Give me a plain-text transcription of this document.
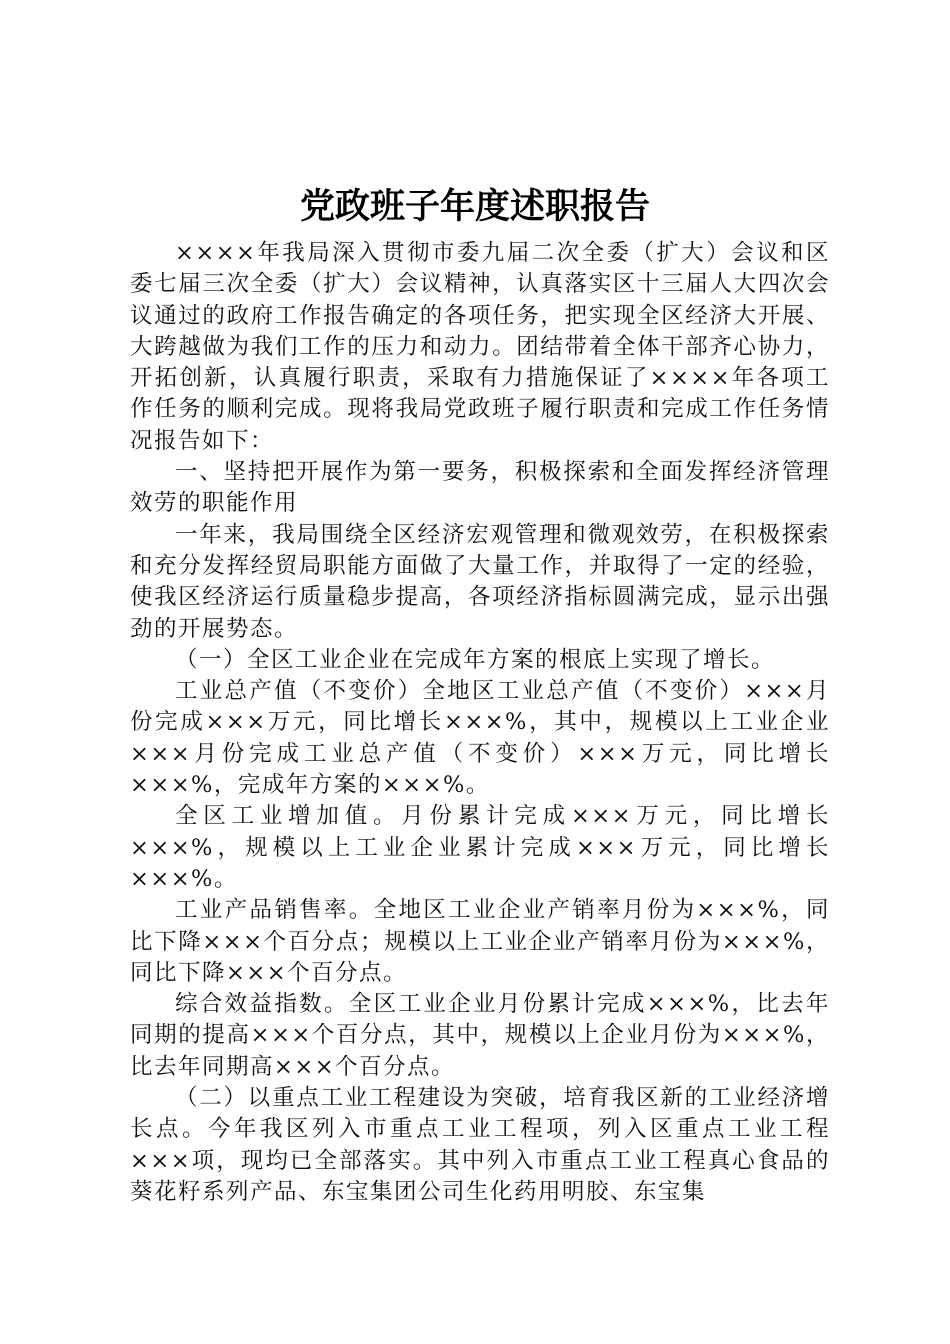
党政班子年度述职报告

××××年我局深入贯彻市委九届二次全委（扩大）会议和区委七届三次全委（扩大）会议精神，认真落实区十三届人大四次会议通过的政府工作报告确定的各项任务，把实现全区经济大开展、大跨越做为我们工作的压力和动力。团结带着全体干部齐心协力，开拓创新，认真履行职责，采取有力措施保证了××××年各项工作任务的顺利完成。现将我局党政班子履行职责和完成工作任务情况报告如下：

一、坚持把开展作为第一要务，积极探索和全面发挥经济管理效劳的职能作用

一年来，我局围绕全区经济宏观管理和微观效劳，在积极探索和充分发挥经贸局职能方面做了大量工作，并取得了一定的经验，使我区经济运行质量稳步提高，各项经济指标圆满完成，显示出强劲的开展势态。

（一）全区工业企业在完成年方案的根底上实现了增长。

工业总产值（不变价）全地区工业总产值（不变价）×××月份完成×××万元，同比增长×××%，其中，规模以上工业企业×××月份完成工业总产值（不变价）×××万元，同比增长×××%，完成年方案的×××%。

全区工业增加值。月份累计完成×××万元，同比增长×××%，规模以上工业企业累计完成×××万元，同比增长×××%。

工业产品销售率。全地区工业企业产销率月份为×××%，同比下降×××个百分点；规模以上工业企业产销率月份为×××%，同比下降×××个百分点。

综合效益指数。全区工业企业月份累计完成×××%，比去年同期的提高×××个百分点，其中，规模以上企业月份为×××%，比去年同期高×××个百分点。

（二）以重点工业工程建设为突破，培育我区新的工业经济增长点。今年我区列入市重点工业工程项，列入区重点工业工程×××项，现均已全部落实。其中列入市重点工业工程真心食品的葵花籽系列产品、东宝集团公司生化药用明胶、东宝集
